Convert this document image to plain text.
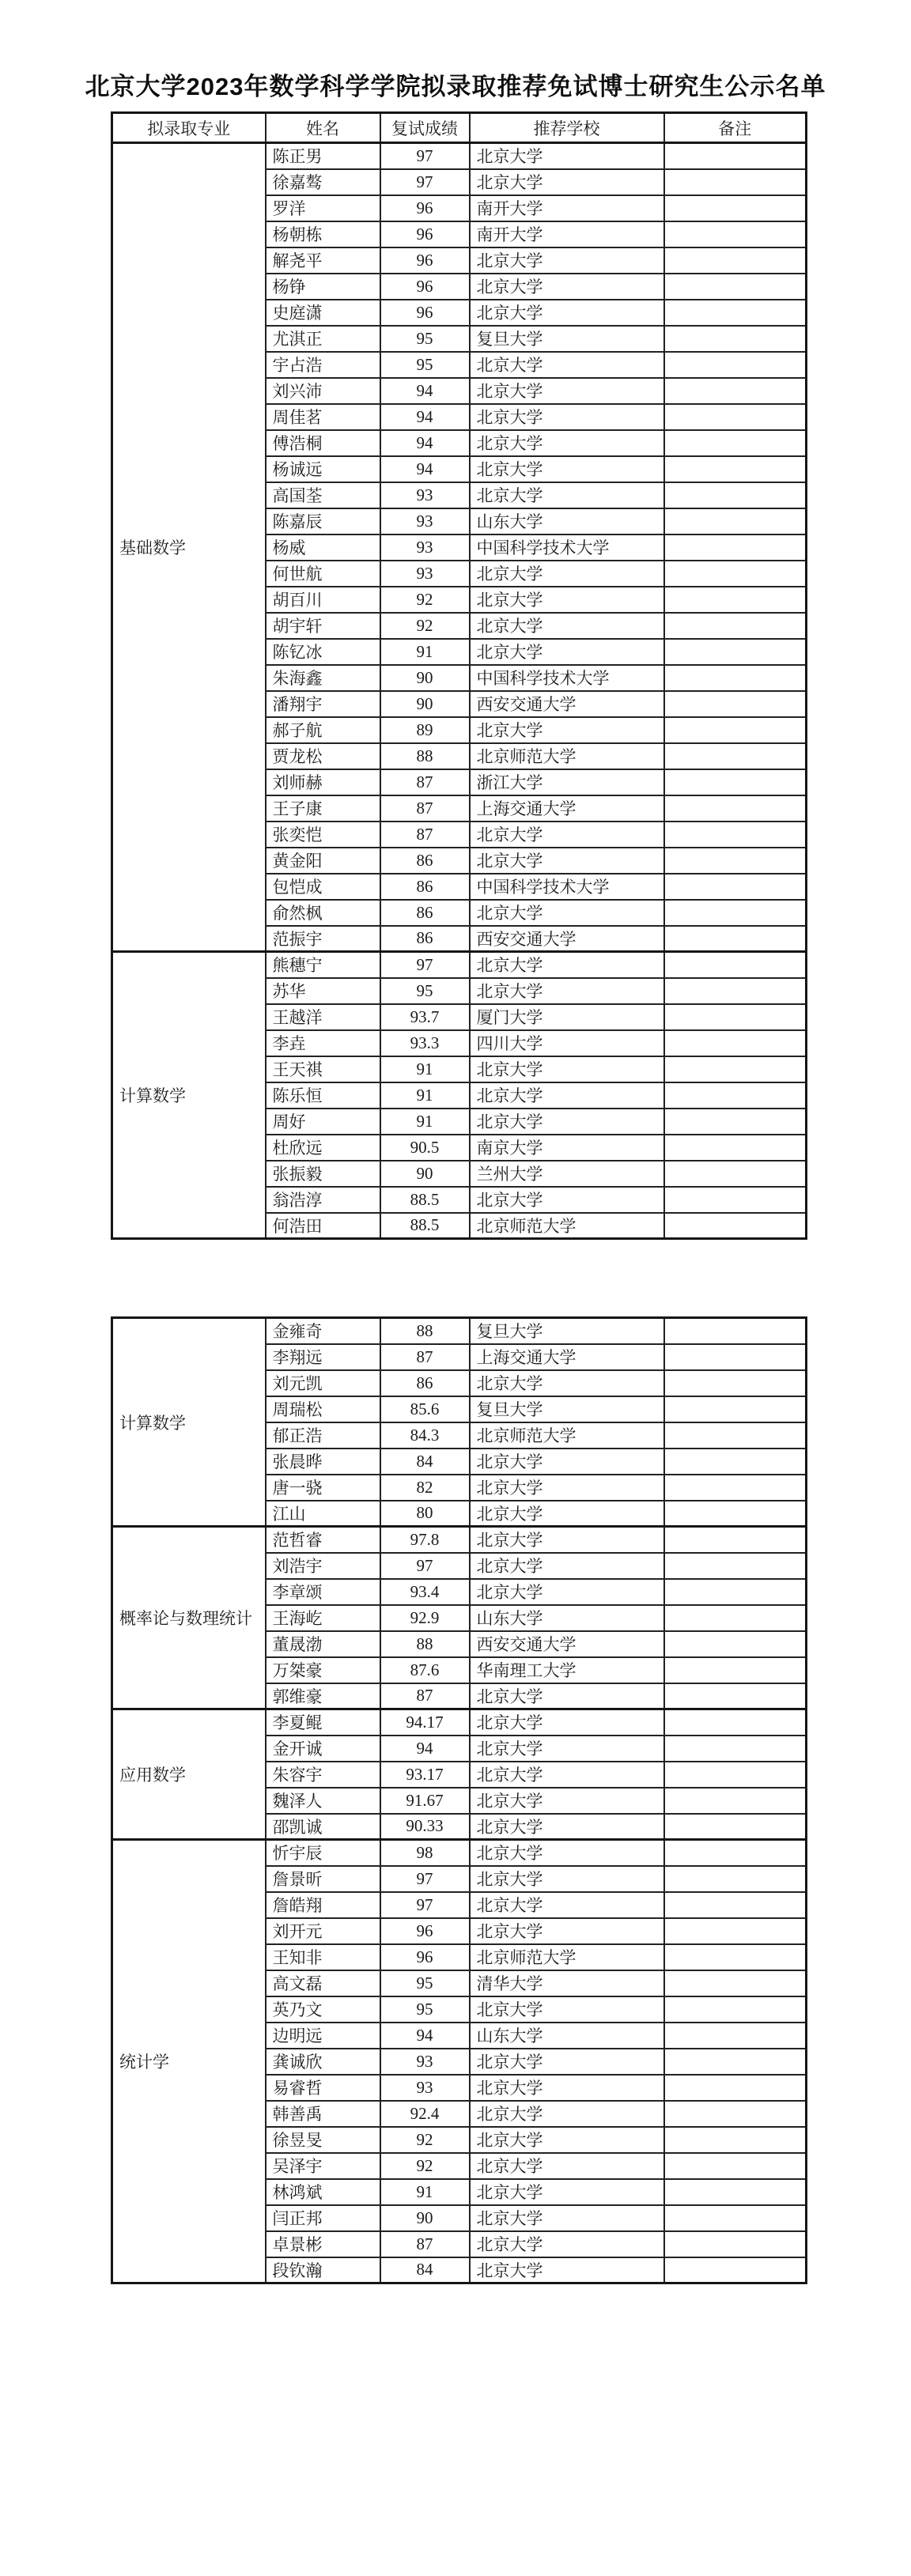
北京大学2023年数学科学学院拟录取推荐免试博士研究生公示名单
拟录取专业	姓名	复试成绩	推荐学校	备注
基础数学	陈正男	97	北京大学	
	徐嘉骜	97	北京大学	
	罗洋	96	南开大学	
	杨朝栋	96	南开大学	
	解尧平	96	北京大学	
	杨铮	96	北京大学	
	史庭潇	96	北京大学	
	尤淇正	95	复旦大学	
	宇占浩	95	北京大学	
	刘兴沛	94	北京大学	
	周佳茗	94	北京大学	
	傅浩桐	94	北京大学	
	杨诚远	94	北京大学	
	高国荃	93	北京大学	
	陈嘉辰	93	山东大学	
	杨威	93	中国科学技术大学	
	何世航	93	北京大学	
	胡百川	92	北京大学	
	胡宇轩	92	北京大学	
	陈钇冰	91	北京大学	
	朱海鑫	90	中国科学技术大学	
	潘翔宇	90	西安交通大学	
	郝子航	89	北京大学	
	贾龙松	88	北京师范大学	
	刘师赫	87	浙江大学	
	王子康	87	上海交通大学	
	张奕恺	87	北京大学	
	黄金阳	86	北京大学	
	包恺成	86	中国科学技术大学	
	俞然枫	86	北京大学	
	范振宇	86	西安交通大学	
计算数学	熊穗宁	97	北京大学	
	苏华	95	北京大学	
	王越洋	93.7	厦门大学	
	李垚	93.3	四川大学	
	王天祺	91	北京大学	
	陈乐恒	91	北京大学	
	周好	91	北京大学	
	杜欣远	90.5	南京大学	
	张振毅	90	兰州大学	
	翁浩淳	88.5	北京大学	
	何浩田	88.5	北京师范大学	
计算数学	金雍奇	88	复旦大学	
	李翔远	87	上海交通大学	
	刘元凯	86	北京大学	
	周瑞松	85.6	复旦大学	
	郁正浩	84.3	北京师范大学	
	张晨晔	84	北京大学	
	唐一骁	82	北京大学	
	江山	80	北京大学	
概率论与数理统计	范哲睿	97.8	北京大学	
	刘浩宇	97	北京大学	
	李章颂	93.4	北京大学	
	王海屹	92.9	山东大学	
	董晟渤	88	西安交通大学	
	万桀豪	87.6	华南理工大学	
	郭维豪	87	北京大学	
应用数学	李夏鲲	94.17	北京大学	
	金开诚	94	北京大学	
	朱容宇	93.17	北京大学	
	魏泽人	91.67	北京大学	
	邵凯诚	90.33	北京大学	
统计学	忻宇辰	98	北京大学	
	詹景昕	97	北京大学	
	詹皓翔	97	北京大学	
	刘开元	96	北京大学	
	王知非	96	北京师范大学	
	高文磊	95	清华大学	
	英乃文	95	北京大学	
	边明远	94	山东大学	
	龚诚欣	93	北京大学	
	易睿哲	93	北京大学	
	韩善禹	92.4	北京大学	
	徐昱旻	92	北京大学	
	吴泽宇	92	北京大学	
	林鸿斌	91	北京大学	
	闫正邦	90	北京大学	
	卓景彬	87	北京大学	
	段钦瀚	84	北京大学	
